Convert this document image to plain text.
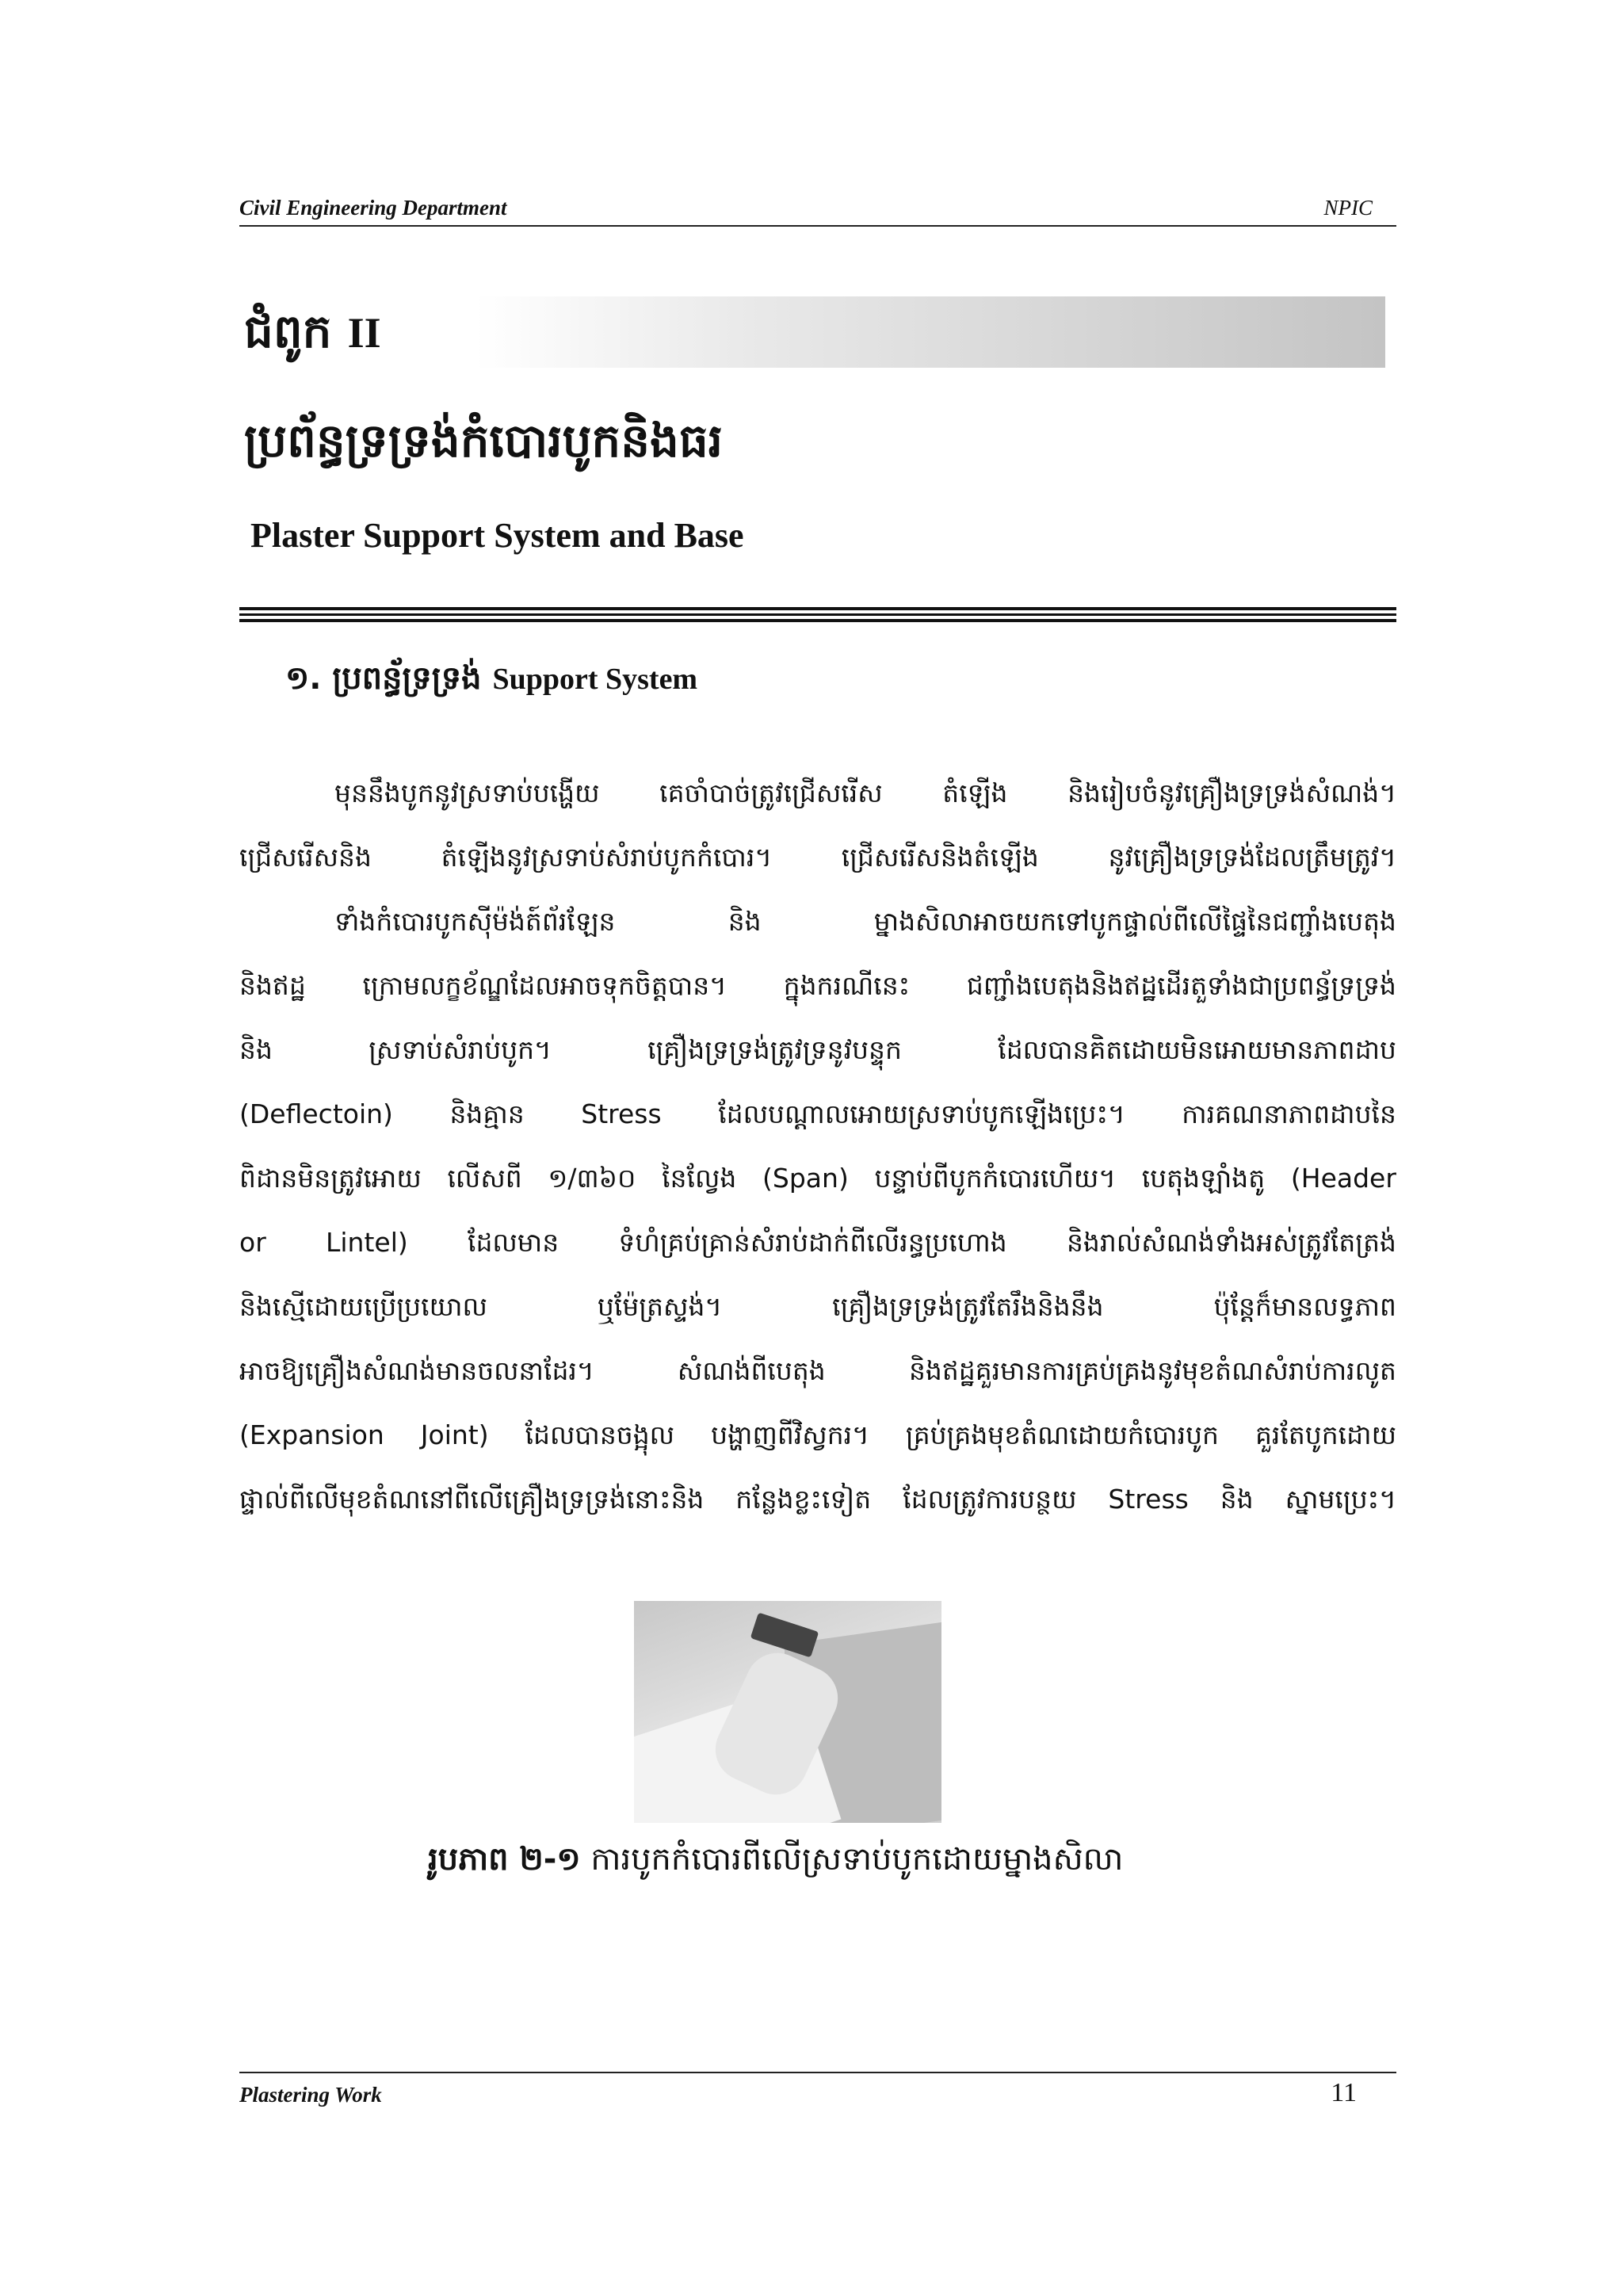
Civil Engineering Department	NPIC
ជំពូក II
ប្រព័ន្ធទ្រទ្រង់កំបោរបូកនិងធរ
Plaster Support System and Base
១. ប្រពន្ធ័ទ្រទ្រង់ Support System
មុននឹងបូកនូវស្រទាប់បង្ហើយ គេចាំបាច់ត្រូវជ្រើសរើស តំឡើង និងរៀបចំនូវគ្រឿងទ្រទ្រង់សំណង់។
ជ្រើសរើសនិង	តំឡើងនូវស្រទាប់សំរាប់បូកកំបោរ។	ជ្រើសរើសនិងតំឡើង	នូវគ្រឿងទ្រទ្រង់ដែលត្រឹមត្រូវ។
ទាំងកំបោរបូកស៊ីម៉ង់ត៍ព័រឡែន	និង	ម្នាងសិលាអាចយកទៅបូកផ្ទាល់ពីលើផ្ទៃនៃជញ្ជាំងបេតុង
និងឥដ្ឋ ក្រោមលក្ខខ័ណ្ឌដែលអាចទុកចិត្តបាន។ ក្នុងករណីនេះ ជញ្ជាំងបេតុងនិងឥដ្ឋដើរតួទាំងជាប្រពន្ធ័ទ្រទ្រង់
និង	ស្រទាប់សំរាប់បូក។	គ្រឿងទ្រទ្រង់ត្រូវទ្រនូវបន្ទុក	ដែលបានគិតដោយមិនអោយមានភាពដាប
(Deflectoin) និងគ្មាន Stress ដែលបណ្តាលអោយស្រទាប់បូកឡើងប្រេះ។ ការគណនាភាពដាបនៃ
ពិដានមិនត្រូវអោយ លើសពី ១/៣៦០ នៃល្វែង (Span) បន្ទាប់ពីបូកកំបោរហើយ។ បេតុងឡាំងតូ (Header
or Lintel) ដែលមាន ទំហំគ្រប់គ្រាន់សំរាប់ដាក់ពីលើរន្ធប្រហោង និងរាល់សំណង់ទាំងអស់ត្រូវតែត្រង់
និងស្មើដោយប្រើប្រយោល	ឬម៉ែត្រស្ទង់។	គ្រឿងទ្រទ្រង់ត្រូវតែរឹងនិងនឹង	ប៉ុន្តែក៏មានលទ្ធភាព
អាចឱ្យគ្រឿងសំណង់មានចលនាដែរ។	សំណង់ពីបេតុង	និងឥដ្ឋគួរមានការគ្រប់គ្រងនូវមុខតំណសំរាប់ការលូត
(Expansion Joint) ដែលបានចង្អុល បង្ហាញពីវិស្វករ។ គ្រប់គ្រងមុខតំណដោយកំបោរបូក គួរតែបូកដោយ
ផ្ទាល់ពីលើមុខតំណនៅពីលើគ្រឿងទ្រទ្រង់នោះនិង កន្លែងខ្លះទៀត ដែលត្រូវការបន្ថយ Stress និង ស្នាមប្រេះ។
រូបភាព ២-១ ការបូកកំបោរពីលើស្រទាប់បូកដោយម្នាងសិលា
Plastering Work	11
